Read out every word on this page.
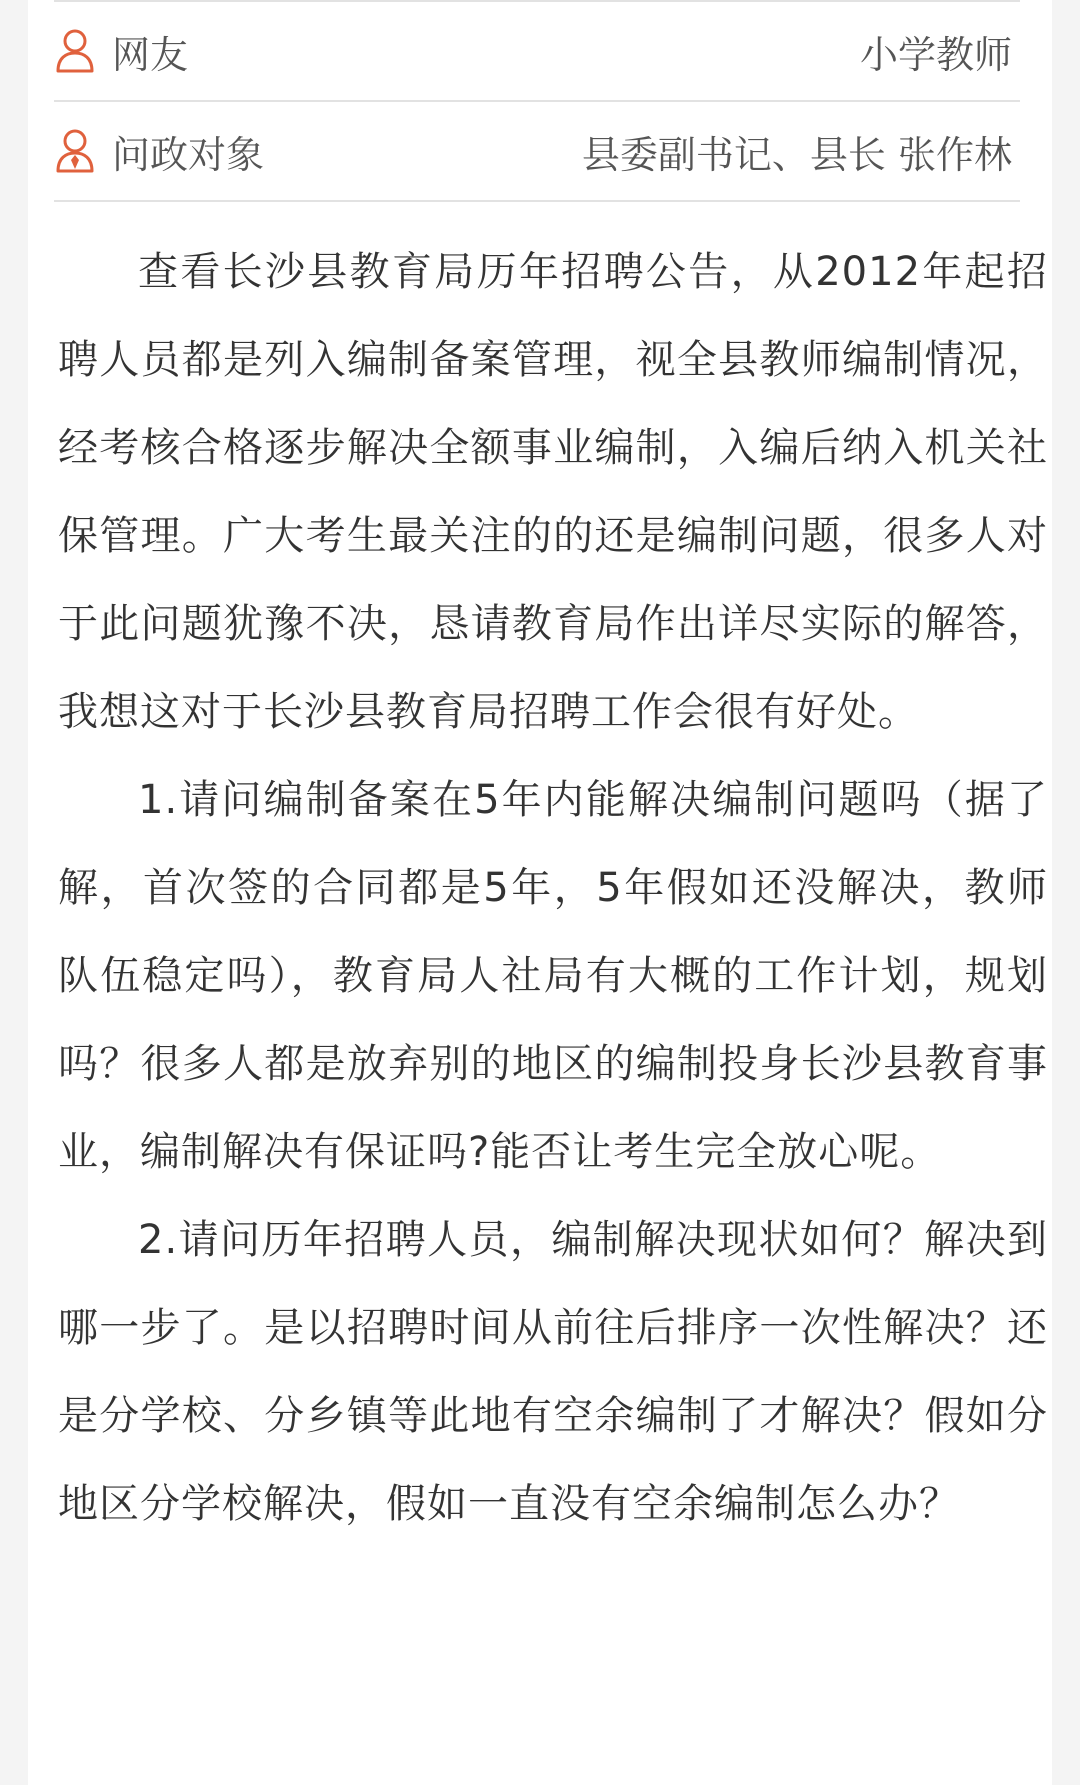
网友	小学教师
问政对象	县委副书记、县长 张作林

查看长沙县教育局历年招聘公告，从2012年起招聘人员都是列入编制备案管理，视全县教师编制情况，经考核合格逐步解决全额事业编制，入编后纳入机关社保管理。广大考生最关注的的还是编制问题，很多人对于此问题犹豫不决，恳请教育局作出详尽实际的解答，我想这对于长沙县教育局招聘工作会很有好处。

1.请问编制备案在5年内能解决编制问题吗（据了解，首次签的合同都是5年，5年假如还没解决，教师队伍稳定吗），教育局人社局有大概的工作计划，规划吗？很多人都是放弃别的地区的编制投身长沙县教育事业，编制解决有保证吗?能否让考生完全放心呢。

2.请问历年招聘人员，编制解决现状如何？解决到哪一步了。是以招聘时间从前往后排序一次性解决？还是分学校、分乡镇等此地有空余编制了才解决？假如分地区分学校解决，假如一直没有空余编制怎么办？
